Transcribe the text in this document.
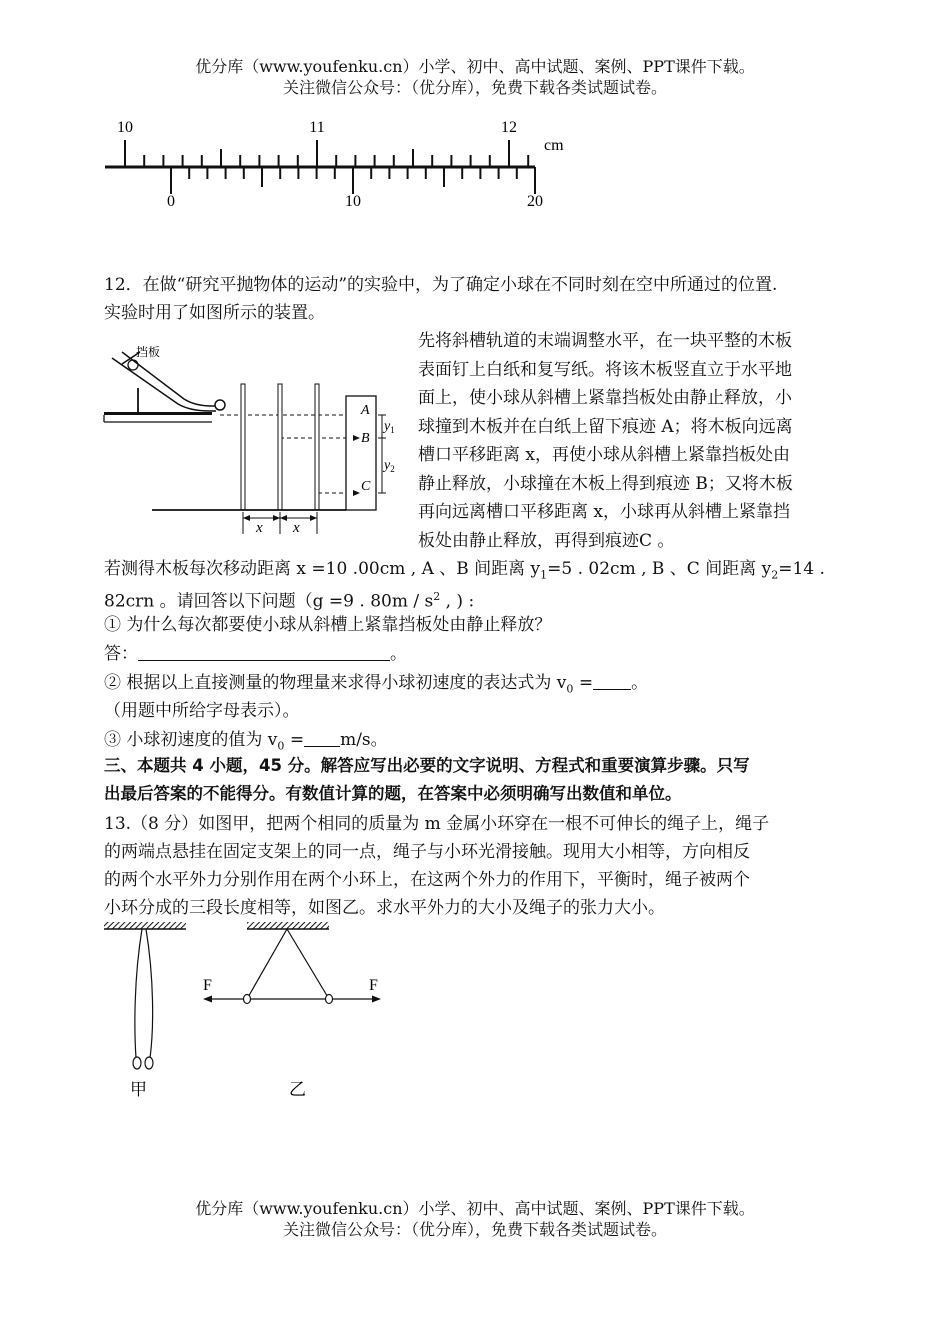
优分库（www.youfenku.cn）小学、初中、高中试题、案例、PPT课件下载。
关注微信公众号：（优分库），免费下载各类试题试卷。
10	11	12
cm
0	10	20
12．在做“研究平抛物体的运动”的实验中，为了确定小球在不同时刻在空中所通过的位置.
实验时用了如图所示的装置。
先将斜槽轨道的末端调整水平，在一块平整的木板
表面钉上白纸和复写纸。将该木板竖直立于水平地
面上，使小球从斜槽上紧靠挡板处由静止释放，小
球撞到木板并在白纸上留下痕迹 A；将木板向远离
槽口平移距离 x，再使小球从斜槽上紧靠挡板处由
静止释放，小球撞在木板上得到痕迹 B；又将木板
再向远离槽口平移距离 x，小球再从斜槽上紧靠挡
板处由静止释放，再得到痕迹C 。
挡板
A
B
C
$y_1$
$y_2$
x x
若测得木板每次移动距离 x =10 .00cm , A 、B 间距离 $y_1=5$ . 02cm , B 、C 间距离 $y_2=14$ .
82crn 。请回答以下问题（g =9 . $80m / s^2$ , ) :
① 为什么每次都要使小球从斜槽上紧靠挡板处由静止释放？
答：	。
② 根据以上直接测量的物理量来求得小球初速度的表达式为 $v_0$ = 。
（用题中所给字母表示）。
③ 小球初速度的值为 $v_0 = m/s$。
三、本题共 4 小题，45 分。解答应写出必要的文字说明、方程式和重要演算步骤。只写
出最后答案的不能得分。有数值计算的题，在答案中必须明确写出数值和单位。
13.（8 分）如图甲，把两个相同的质量为 m 金属小环穿在一根不可伸长的绳子上，绳子
的两端点悬挂在固定支架上的同一点，绳子与小环光滑接触。现用大小相等，方向相反
的两个水平外力分别作用在两个小环上，在这两个外力的作用下，平衡时，绳子被两个
小环分成的三段长度相等，如图乙。求水平外力的大小及绳子的张力大小。
甲
F	F
乙
优分库（www.youfenku.cn）小学、初中、高中试题、案例、PPT课件下载。
关注微信公众号：（优分库），免费下载各类试题试卷。
